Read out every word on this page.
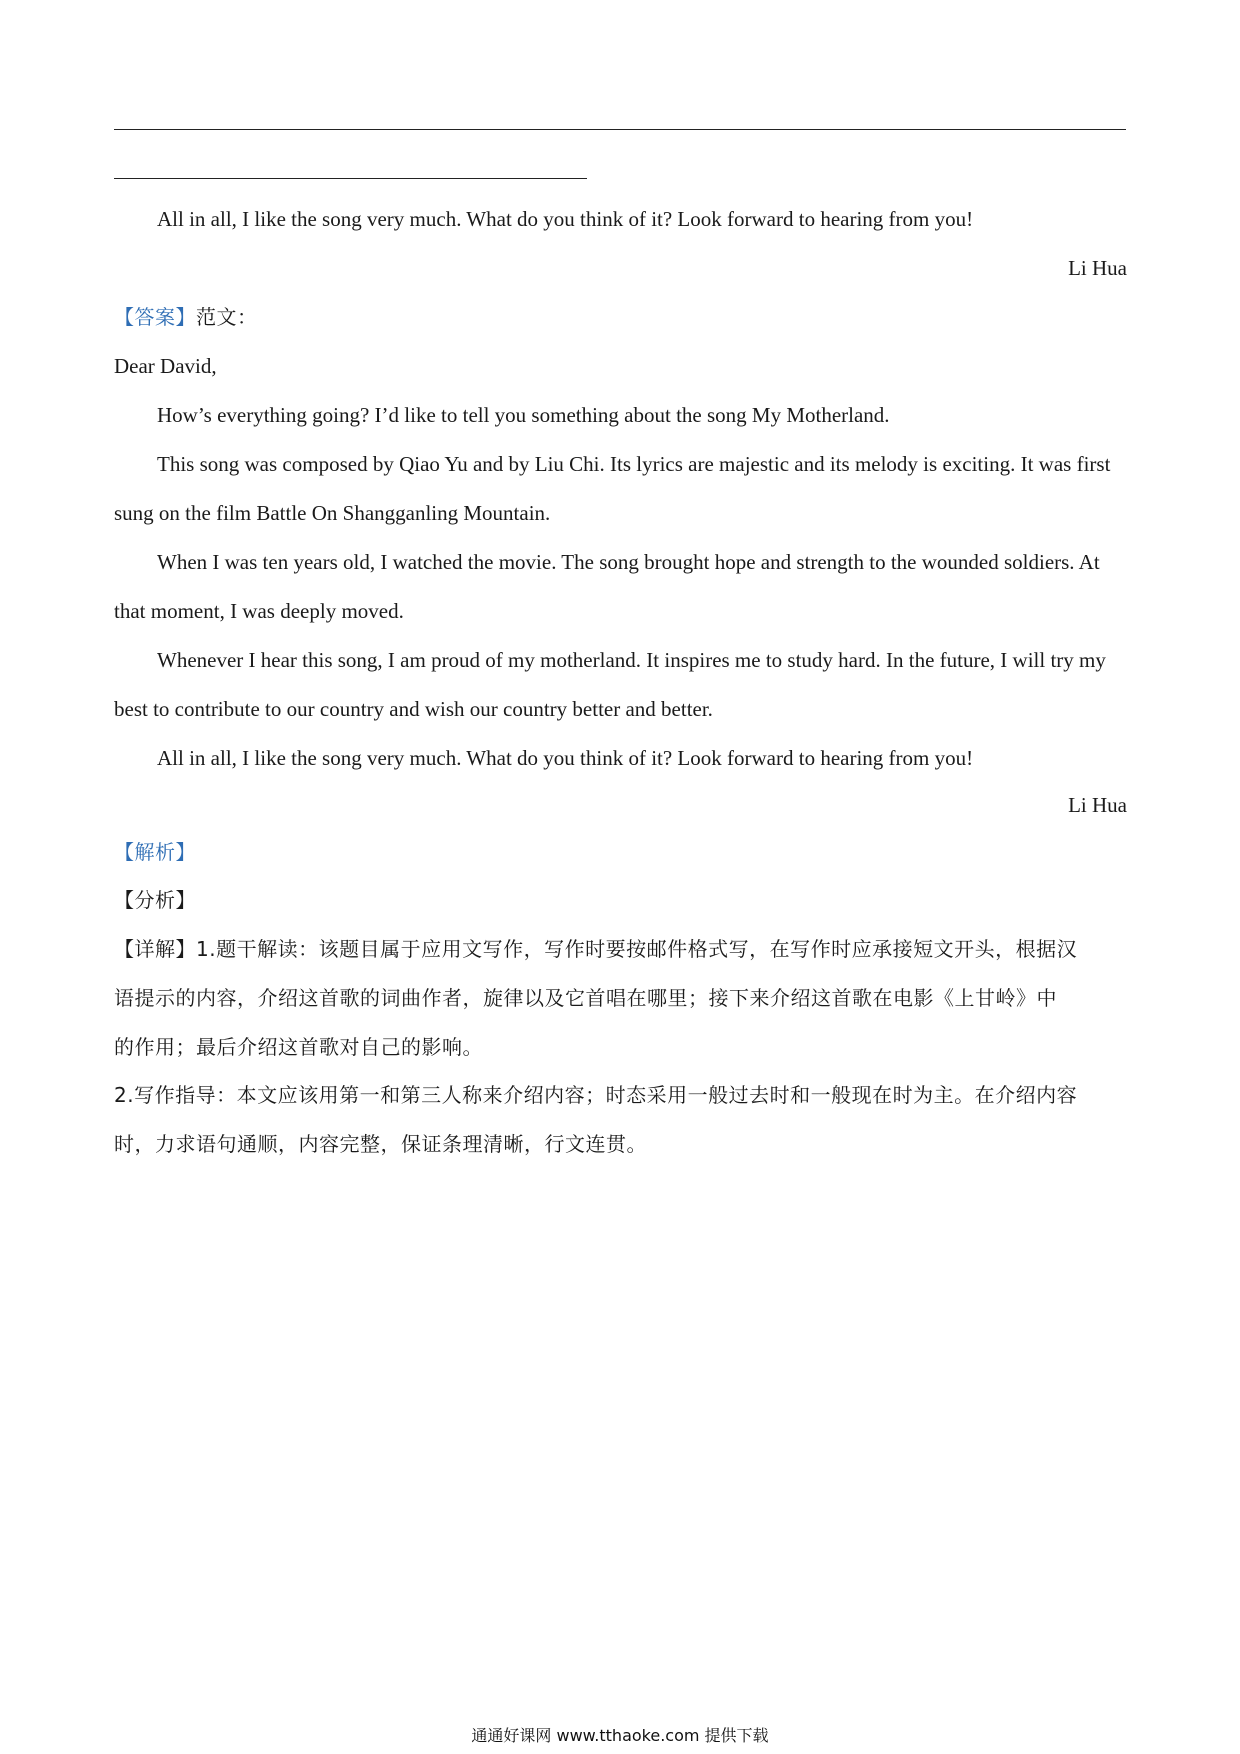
All in all, I like the song very much. What do you think of it? Look forward to hearing from you!
Li Hua
【答案】范文：
Dear David,
How’s everything going? I’d like to tell you something about the song My Motherland.
This song was composed by Qiao Yu and by Liu Chi. Its lyrics are majestic and its melody is exciting. It was first
sung on the film Battle On Shangganling Mountain.
When I was ten years old, I watched the movie. The song brought hope and strength to the wounded soldiers. At
that moment, I was deeply moved.
Whenever I hear this song, I am proud of my motherland. It inspires me to study hard. In the future, I will try my
best to contribute to our country and wish our country better and better.
All in all, I like the song very much. What do you think of it? Look forward to hearing from you!
Li Hua
【解析】
【分析】
【详解】1.题干解读：该题目属于应用文写作，写作时要按邮件格式写，在写作时应承接短文开头，根据汉
语提示的内容，介绍这首歌的词曲作者，旋律以及它首唱在哪里；接下来介绍这首歌在电影《上甘岭》中
的作用；最后介绍这首歌对自己的影响。
2.写作指导：本文应该用第一和第三人称来介绍内容；时态采用一般过去时和一般现在时为主。在介绍内容
时，力求语句通顺，内容完整，保证条理清晰，行文连贯。
通通好课网 www.tthaoke.com 提供下载
